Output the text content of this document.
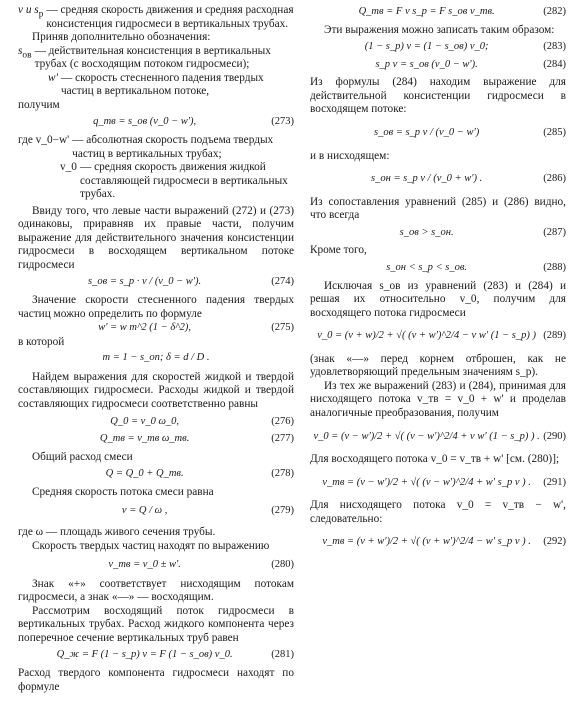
v и $s_р$ — средняя скорость движения и средняя расходная консистенция гидросмеси в вертикальных трубах.

Приняв дополнительно обозначения:

$s_{ов}$ — действительная консистенция в вертикальных трубах (с восходящим потоком гидросмеси);
w' — скорость стесненного падения твердых частиц в вертикальном потоке,

получим

q_тв = s_ов (v_0 − w'),	(273)
где v_0−w' — абсолютная скорость подъема твердых частиц в вертикальных трубах;
v_0 — средняя скорость движения жидкой составляющей гидросмеси в вертикальных трубах.

Ввиду того, что левые части выражений (272) и (273) одинаковы, приравняв их правые части, получим выражение для действительного значения консистенции гидросмеси в восходящем вертикальном потоке гидросмеси

s_ов = s_р · v / (v_0 − w').	(274)

Значение скорости стесненного падения твердых частиц можно определить по формуле

w' = w m^2 (1 − δ^2),	(275)

в которой

m = 1 − s_оп; δ = d / D .

Найдем выражения для скоростей жидкой и твердой составляющих гидросмеси. Расходы жидкой и твердой составляющих гидросмеси соответственно равны

Q_0 = v_0 ω_0,	(276)
Q_тв = v_тв ω_тв.	(277)

Общий расход смеси

Q = Q_0 + Q_тв.	(278)

Средняя скорость потока смеси равна

v = Q / ω ,	(279)

где ω — площадь живого сечения трубы.

Скорость твердых частиц находят по выражению

v_тв = v_0 ± w'.	(280)

Знак «+» соответствует нисходящим потокам гидросмеси, а знак «—» — восходящим.

Рассмотрим восходящий поток гидросмеси в вертикальных трубах. Расход жидкого компонента через поперечное сечение вертикальных труб равен

Q_ж = F (1 − s_р) v = F (1 − s_ов) v_0.	(281)

Расход твердого компонента гидросмеси находят по формуле

Q_тв = F v s_р = F s_ов v_тв.	(282)

Эти выражения можно записать таким образом:

(1 − s_р) v = (1 − s_ов) v_0;	(283)
s_р v = s_ов (v_0 − w').	(284)

Из формулы (284) находим выражение для действительной консистенции гидросмеси в восходящем потоке:

s_ов = s_р v / (v_0 − w')	(285)

и в нисходящем:

s_он = s_р v / (v_0 + w') .	(286)

Из сопоставления уравнений (285) и (286) видно, что всегда

s_ов > s_он.	(287)

Кроме того,

s_он < s_р < s_ов.	(288)

Исключая s_ов из уравнений (283) и (284) и решая их относительно v_0, получим для восходящего потока гидросмеси

v_0 = (v + w)/2 + √( (v + w')^2/4 − v w' (1 − s_р) ) (289)

(знак «—» перед корнем отброшен, как не удовлетворяющий предельным значениям s_р).

Из тех же выражений (283) и (284), принимая для нисходящего потока v_тв = v_0 + w' и проделав аналогичные преобразования, получим

v_0 = (v − w')/2 + √( (v − w')^2/4 + v w' (1 − s_р) ) . (290)

Для восходящего потока v_0 = v_тв + w' [см. (280)];

v_тв = (v − w')/2 + √( (v − w')^2/4 + w' s_р v ) .	(291)

Для нисходящего потока v_0 = v_тв − w', следовательно:

v_тв = (v + w')/2 + √( (v + w')^2/4 − w' s_р v ) .	(292)
